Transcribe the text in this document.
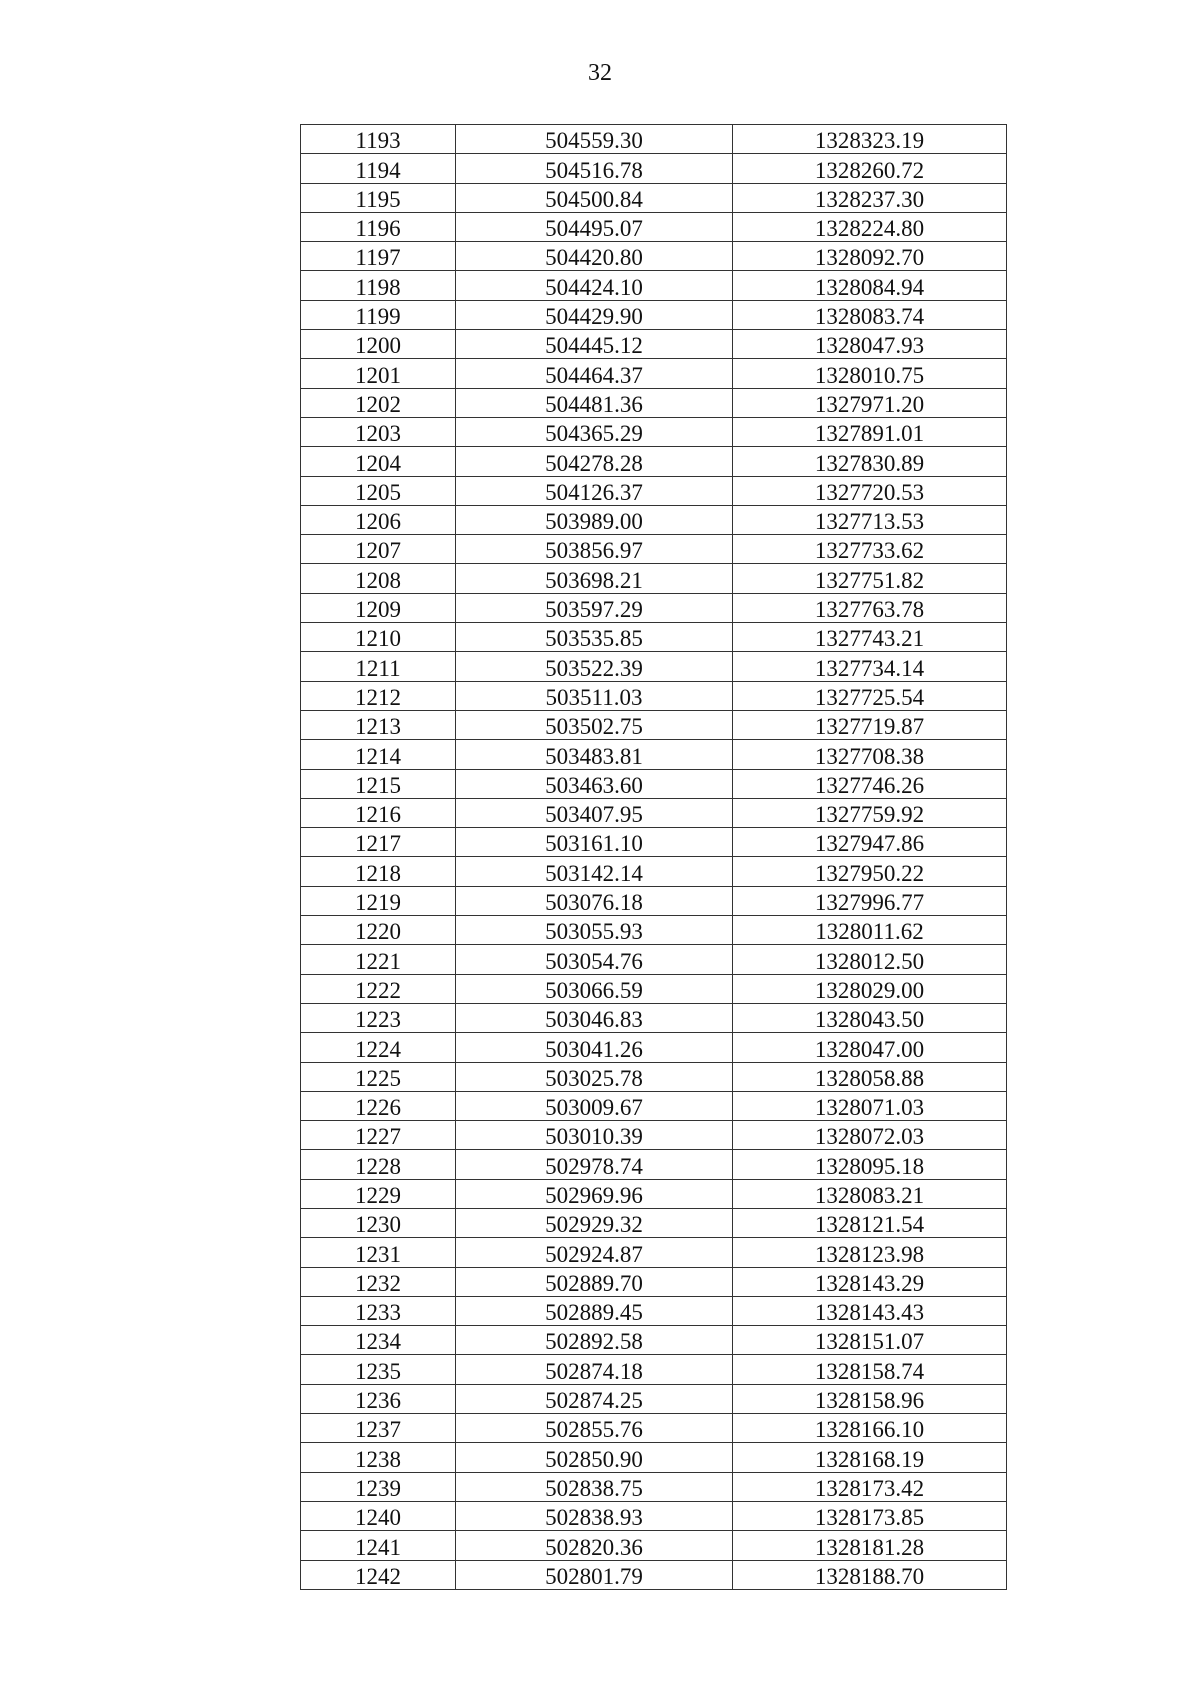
32
1193	504559.30	1328323.19
1194	504516.78	1328260.72
1195	504500.84	1328237.30
1196	504495.07	1328224.80
1197	504420.80	1328092.70
1198	504424.10	1328084.94
1199	504429.90	1328083.74
1200	504445.12	1328047.93
1201	504464.37	1328010.75
1202	504481.36	1327971.20
1203	504365.29	1327891.01
1204	504278.28	1327830.89
1205	504126.37	1327720.53
1206	503989.00	1327713.53
1207	503856.97	1327733.62
1208	503698.21	1327751.82
1209	503597.29	1327763.78
1210	503535.85	1327743.21
1211	503522.39	1327734.14
1212	503511.03	1327725.54
1213	503502.75	1327719.87
1214	503483.81	1327708.38
1215	503463.60	1327746.26
1216	503407.95	1327759.92
1217	503161.10	1327947.86
1218	503142.14	1327950.22
1219	503076.18	1327996.77
1220	503055.93	1328011.62
1221	503054.76	1328012.50
1222	503066.59	1328029.00
1223	503046.83	1328043.50
1224	503041.26	1328047.00
1225	503025.78	1328058.88
1226	503009.67	1328071.03
1227	503010.39	1328072.03
1228	502978.74	1328095.18
1229	502969.96	1328083.21
1230	502929.32	1328121.54
1231	502924.87	1328123.98
1232	502889.70	1328143.29
1233	502889.45	1328143.43
1234	502892.58	1328151.07
1235	502874.18	1328158.74
1236	502874.25	1328158.96
1237	502855.76	1328166.10
1238	502850.90	1328168.19
1239	502838.75	1328173.42
1240	502838.93	1328173.85
1241	502820.36	1328181.28
1242	502801.79	1328188.70
